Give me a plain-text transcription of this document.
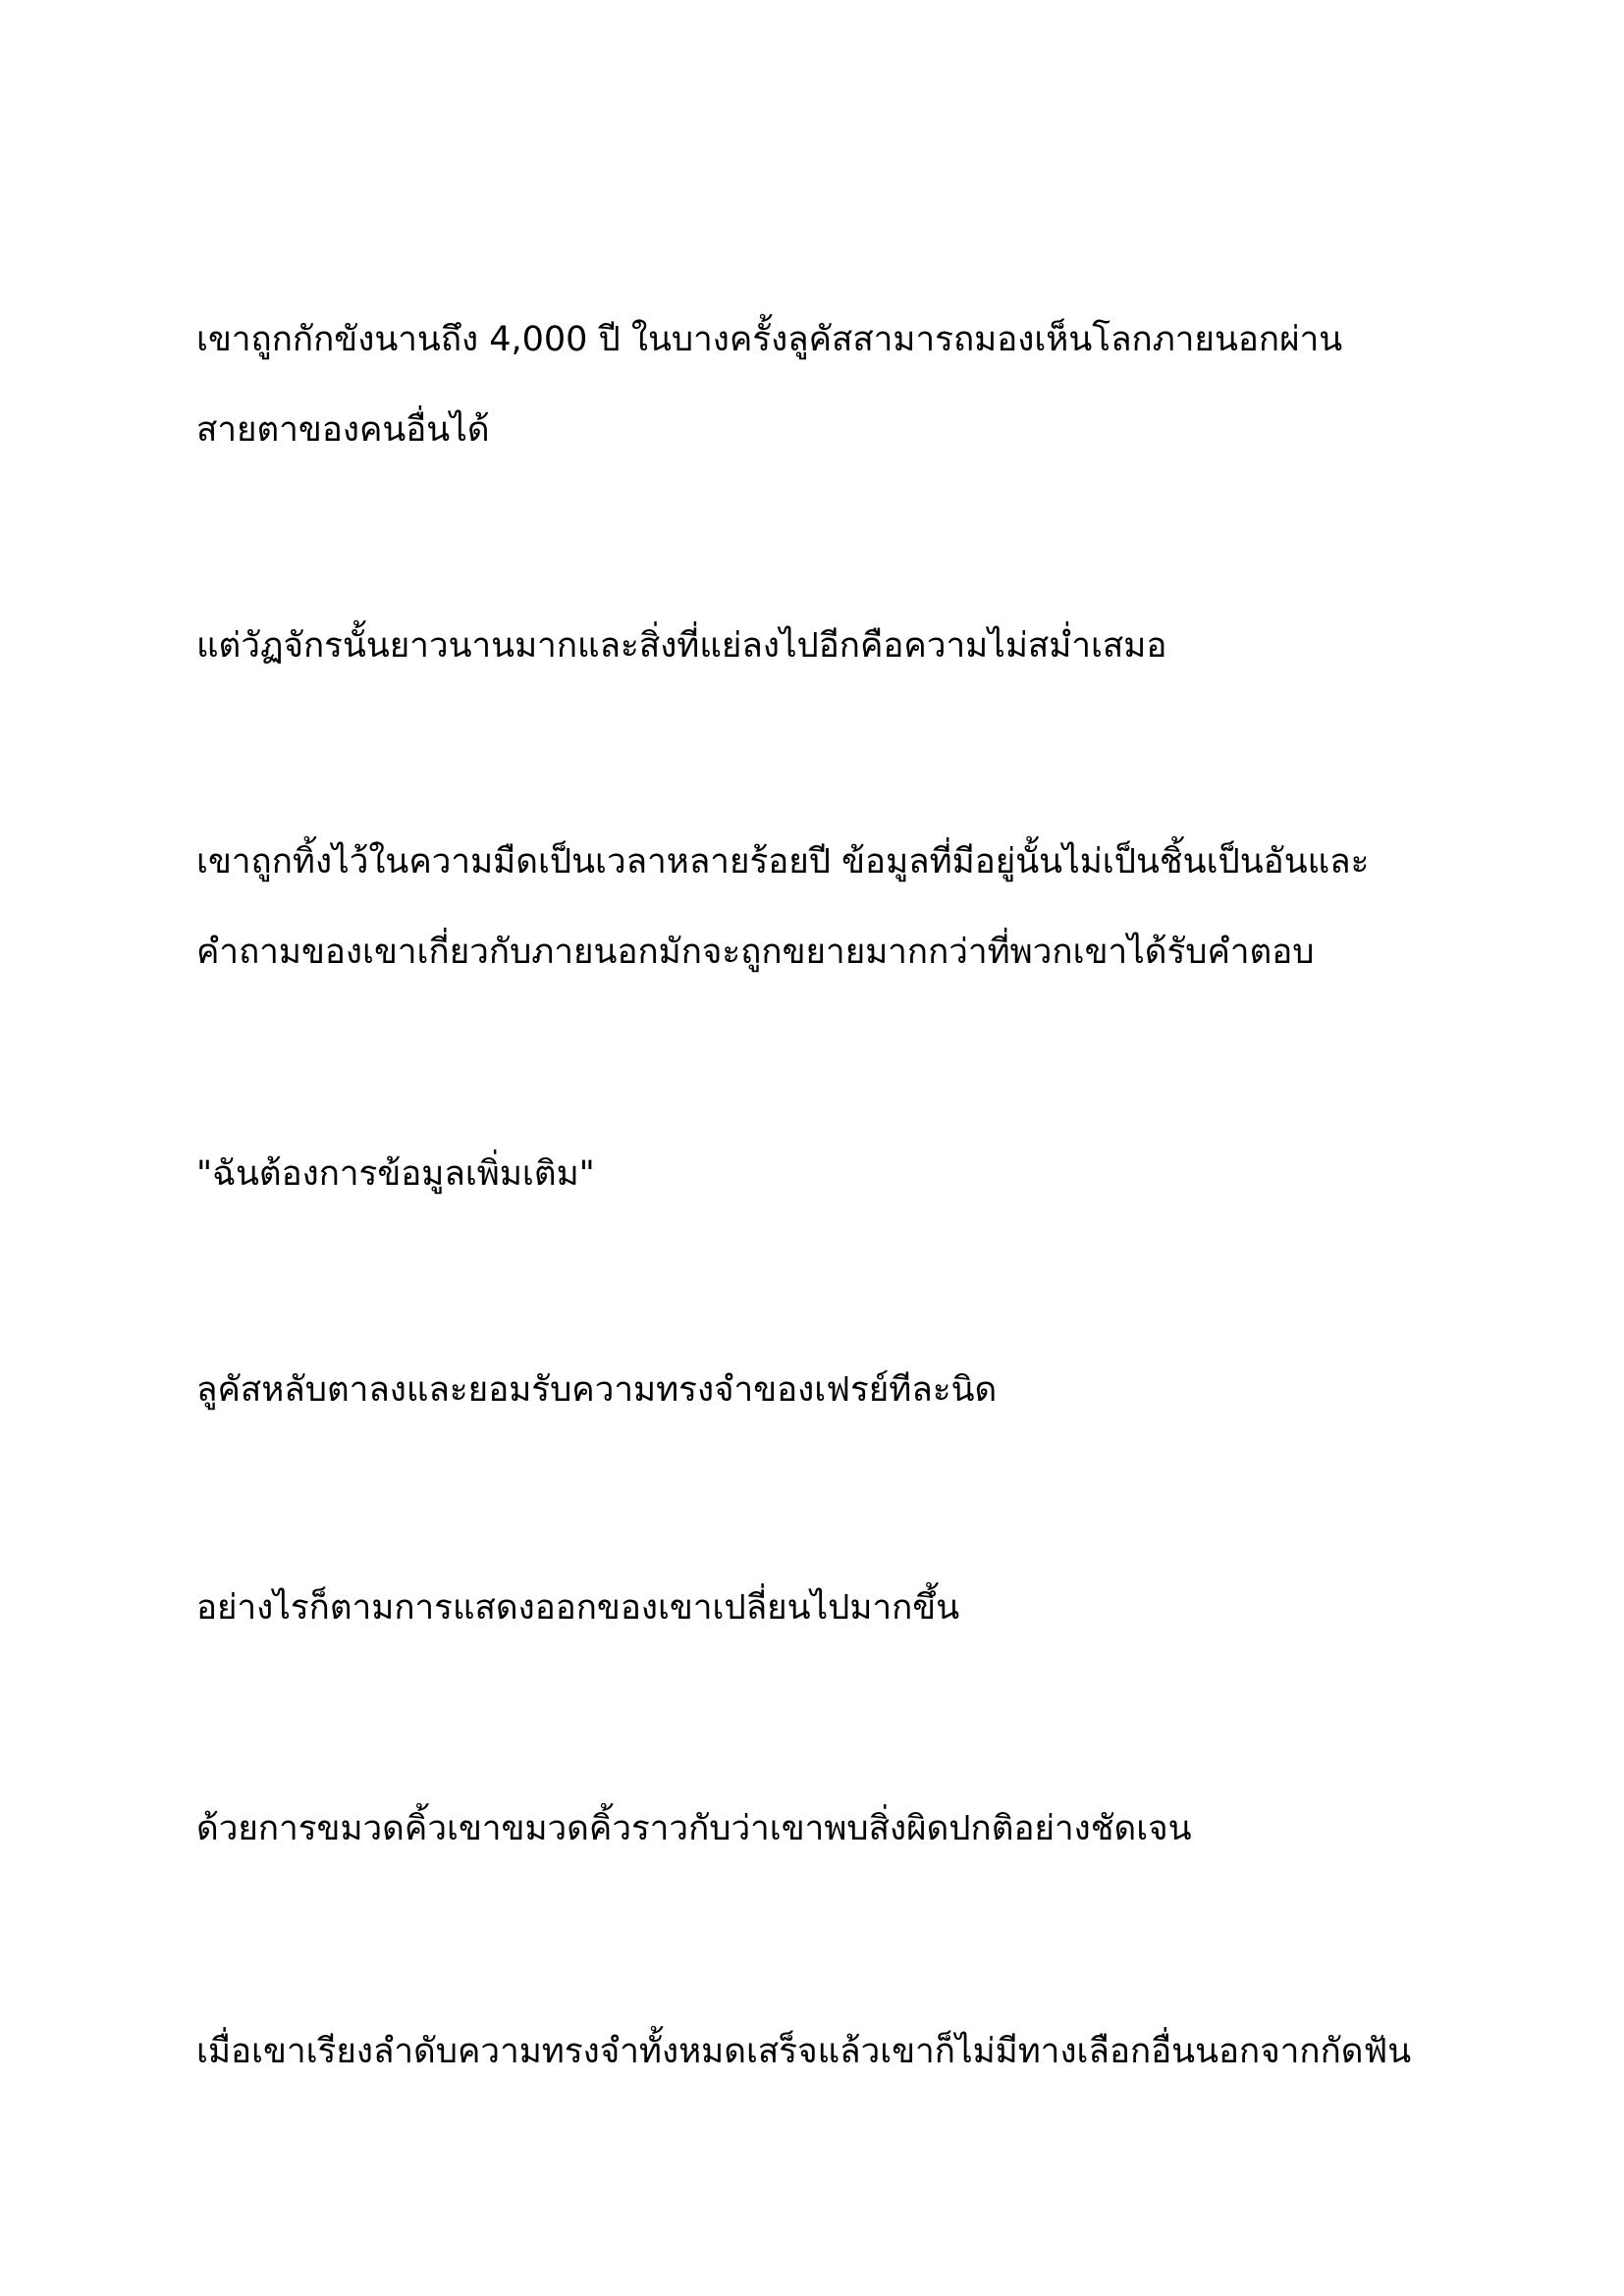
เขาถูกกักขังนานถึง 4,000 ปี ในบางครั้งลูคัสสามารถมองเห็นโลกภายนอกผ่าน
สายตาของคนอื่นได้

แต่วัฏจักรนั้นยาวนานมากและสิ่งที่แย่ลงไปอีกคือความไม่สม่ำเสมอ

เขาถูกทิ้งไว้ในความมืดเป็นเวลาหลายร้อยปี ข้อมูลที่มีอยู่นั้นไม่เป็นชิ้นเป็นอันและ
คำถามของเขาเกี่ยวกับภายนอกมักจะถูกขยายมากกว่าที่พวกเขาได้รับคำตอบ

"ฉันต้องการข้อมูลเพิ่มเติม"

ลูคัสหลับตาลงและยอมรับความทรงจำของเฟรย์ทีละนิด

อย่างไรก็ตามการแสดงออกของเขาเปลี่ยนไปมากขึ้น

ด้วยการขมวดคิ้วเขาขมวดคิ้วราวกับว่าเขาพบสิ่งผิดปกติอย่างชัดเจน

เมื่อเขาเรียงลำดับความทรงจำทั้งหมดเสร็จแล้วเขาก็ไม่มีทางเลือกอื่นนอกจากกัดฟัน
